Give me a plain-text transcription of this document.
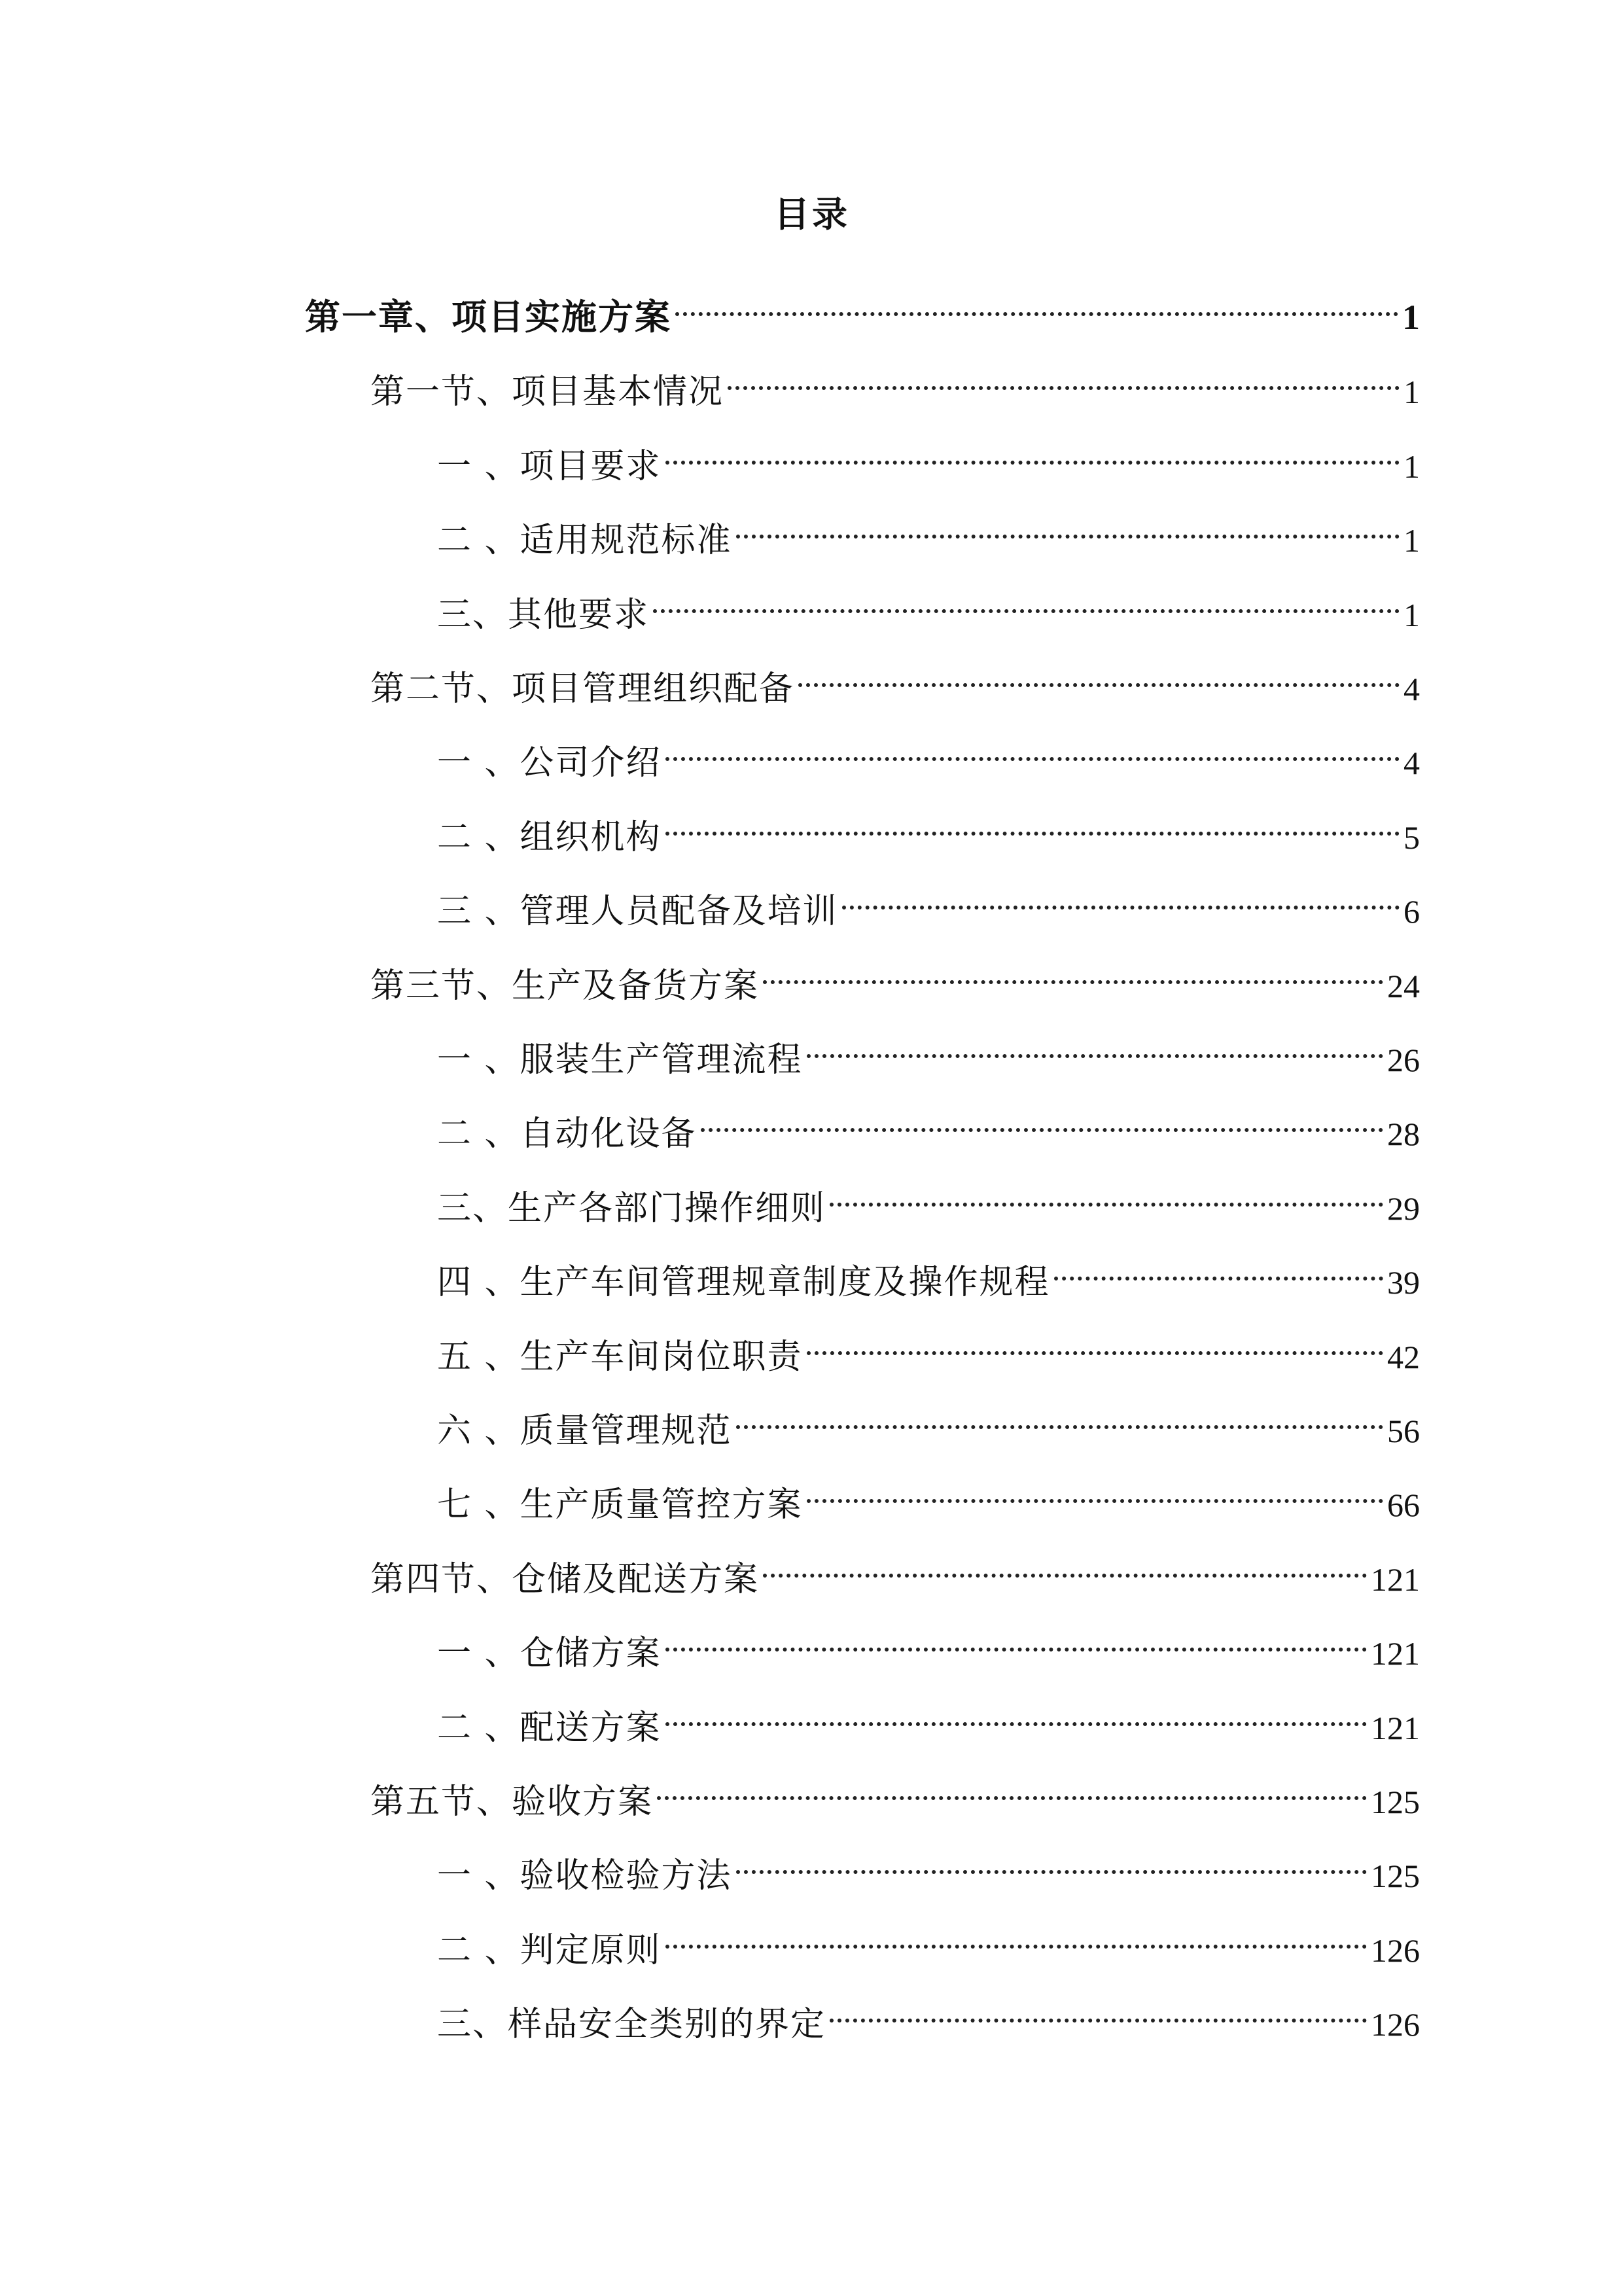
目录
第一章、项目实施方案	1
第一节、项目基本情况	1
一 、项目要求	1
二 、适用规范标准	1
三、其他要求	1
第二节、项目管理组织配备	4
一 、公司介绍	4
二 、组织机构	5
三 、管理人员配备及培训	6
第三节、生产及备货方案	24
一 、服装生产管理流程	26
二 、自动化设备	28
三、生产各部门操作细则	29
四 、生产车间管理规章制度及操作规程	39
五 、生产车间岗位职责	42
六 、质量管理规范	56
七 、生产质量管控方案	66
第四节、仓储及配送方案	121
一 、仓储方案	121
二 、配送方案	121
第五节、验收方案	125
一 、验收检验方法	125
二 、判定原则	126
三、样品安全类别的界定	126
